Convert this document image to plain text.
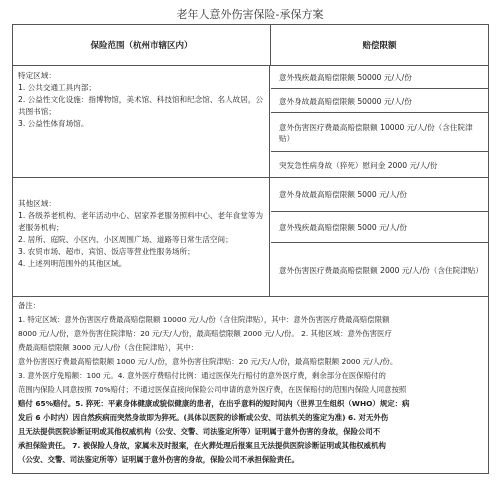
老年人意外伤害保险-承保方案
保险范围（杭州市辖区内）	赔偿限额
特定区域：
1. 公共交通工具内部；
2. 公益性文化设施：指博物馆，美术馆、科技馆和纪念馆、名人故居，公共图书馆；
3. 公益性体育场馆。
意外残疾最高赔偿限额 50000 元/人/份
意外身故最高赔偿限额 50000 元/人/份
意外伤害医疗费最高赔偿限额 10000 元/人/份（含住院津贴）
突发急性病身故（猝死）慰问金 2000 元/人/份
其他区域：
1. 各级养老机构、老年活动中心、居家养老服务照料中心、老年食堂等为老服务机构；
2. 居所、庭院、小区内、小区周围广场、道路等日常生活空间；
3. 农贸市场、超市、宾馆、饭店等营业性服务场所；
4. 上述列明范围外的其他区域。
意外身故最高赔偿限额 5000 元/人/份
意外残疾最高赔偿限额 5000 元/人/份
意外伤害医疗费最高赔偿限额 2000 元/人/份（含住院津贴）
备注：
1. 特定区域：意外伤害医疗费最高赔偿限额 10000 元/人/份（含住院津贴），其中：意外伤害医疗费最高赔偿限额
8000 元/人/份，意外伤害住院津贴：20 元/天/人/份，最高赔偿限额 2000 元/人/份。 2. 其他区域：意外伤害医疗
费最高赔偿限额 3000 元/人/份（含住院津贴），其中：
意外伤害医疗费最高赔偿限额 1000 元/人/份，意外伤害住院津贴：20 元/天/人/份，最高赔偿限额 2000 元/人/份。
3. 意外医疗免赔额：100 元。4. 意外医疗费赔付比例：通过医保先行赔付的意外医疗费，剩余部分在医保赔付的
范围内保险人同意按照 70%赔付；不通过医保直接向保险公司申请的意外医疗费，在医保赔付的范围内保险人同意按照
赔付 65%赔付。5. 猝死：平素身体健康或貌似健康的患者，在出乎意料的短时间内（世界卫生组织（WHO）规定：病
发后 6 小时内）因自然疾病而突然身故即为猝死。(具体以医院的诊断或公安、司法机关的鉴定为准) 6. 对无外伤
且无法提供医院诊断证明或其他权威机构（公安、交警、司法鉴定所等）证明属于意外伤害的身故，保险公司不
承担保险责任。 7. 被保险人身故，家属未及时报案，在火葬处理后报案且无法提供医院诊断证明或其他权威机构
（公安、交警、司法鉴定所等）证明属于意外伤害的身故，保险公司不承担保险责任。
